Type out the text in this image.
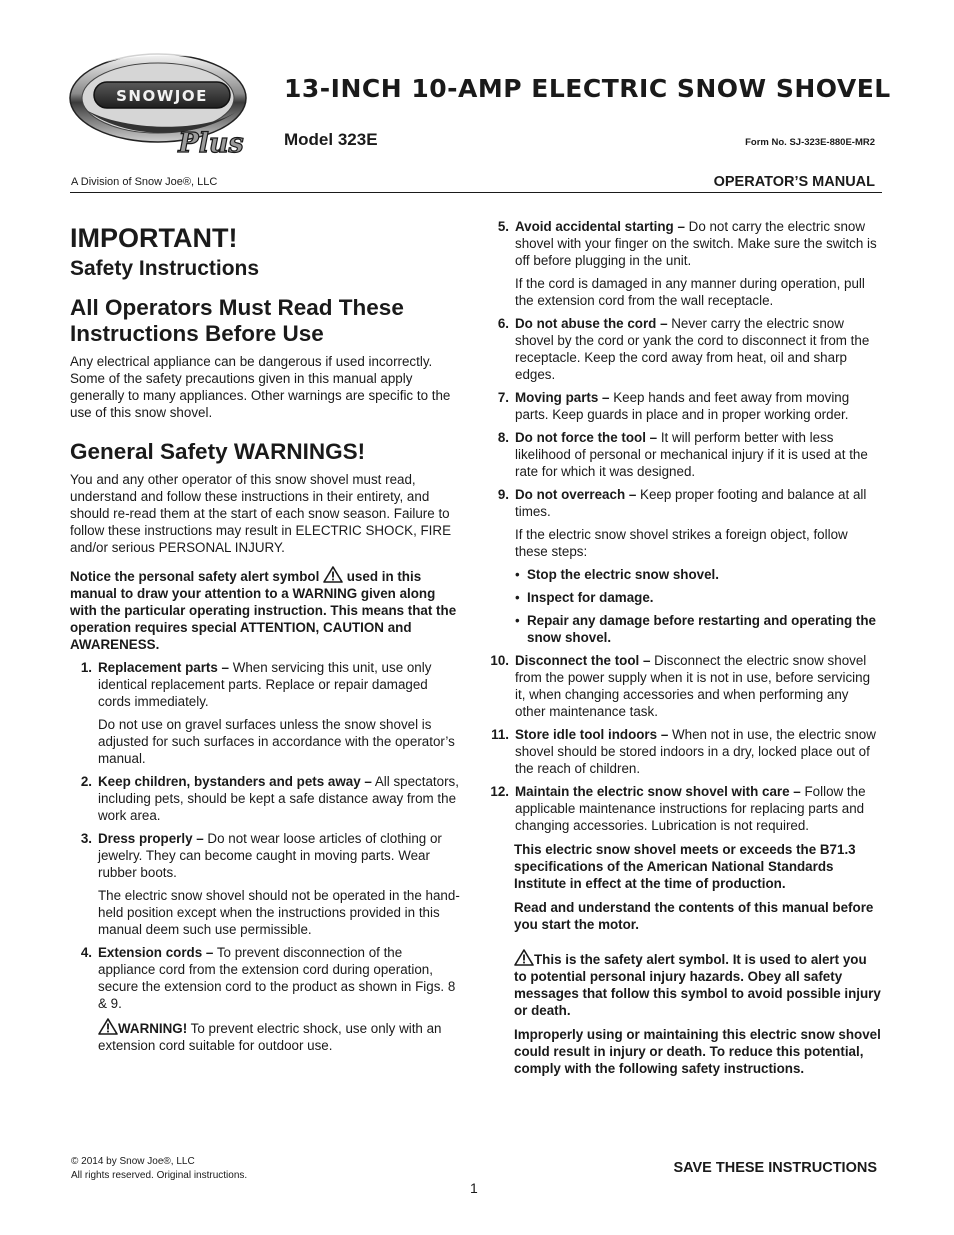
SNOWJOE
Plus
13-INCH 10-AMP ELECTRIC SNOW SHOVEL
Model 323E	Form No. SJ-323E-880E-MR2
A Division of Snow Joe®, LLC	OPERATOR’S MANUAL
IMPORTANT!
Safety Instructions
All Operators Must Read These Instructions Before Use

Any electrical appliance can be dangerous if used incorrectly. Some of the safety precautions given in this manual apply generally to many appliances. Other warnings are specific to the use of this snow shovel.

General Safety WARNINGS!

You and any other operator of this snow shovel must read, understand and follow these instructions in their entirety, and should re-read them at the start of each snow season. Failure to follow these instructions may result in ELECTRIC SHOCK, FIRE and/or serious PERSONAL INJURY.

Notice the personal safety alert symbol
used in this manual to draw your attention to a WARNING given along with the particular operating instruction. This means that the operation requires special ATTENTION, CAUTION and AWARENESS.

1. Replacement parts – When servicing this unit, use only identical replacement parts. Replace or repair damaged cords immediately.

Do not use on gravel surfaces unless the snow shovel is adjusted for such surfaces in accordance with the operator’s manual.

2. Keep children, bystanders and pets away – All spectators, including pets, should be kept a safe distance away from the work area.
3. Dress properly – Do not wear loose articles of clothing or jewelry. They can become caught in moving parts. Wear rubber boots.

The electric snow shovel should not be operated in the hand-held position except when the instructions provided in this manual deem such use permissible.

4. Extension cords – To prevent disconnection of the appliance cord from the extension cord during operation, secure the extension cord to the product as shown in Figs. 8 & 9.

WARNING! To prevent electric shock, use only with an extension cord suitable for outdoor use.

5. Avoid accidental starting – Do not carry the electric snow shovel with your finger on the switch. Make sure the switch is off before plugging in the unit.

If the cord is damaged in any manner during operation, pull the extension cord from the wall receptacle.

6. Do not abuse the cord – Never carry the electric snow shovel by the cord or yank the cord to disconnect it from the receptacle. Keep the cord away from heat, oil and sharp edges.
7. Moving parts – Keep hands and feet away from moving parts. Keep guards in place and in proper working order.
8. Do not force the tool – It will perform better with less likelihood of personal or mechanical injury if it is used at the rate for which it was designed.
9. Do not overreach – Keep proper footing and balance at all times.

If the electric snow shovel strikes a foreign object, follow these steps:

• Stop the electric snow shovel.
• Inspect for damage.
• Repair any damage before restarting and operating the snow shovel.
10. Disconnect the tool – Disconnect the electric snow shovel from the power supply when it is not in use, before servicing it, when changing accessories and when performing any other maintenance task.
11. Store idle tool indoors – When not in use, the electric snow shovel should be stored indoors in a dry, locked place out of the reach of children.
12. Maintain the electric snow shovel with care – Follow the applicable maintenance instructions for replacing parts and changing accessories. Lubrication is not required.

This electric snow shovel meets or exceeds the B71.3 specifications of the American National Standards Institute in effect at the time of production.

Read and understand the contents of this manual before you start the motor.

This is the safety alert symbol. It is used to alert you to potential personal injury hazards. Obey all safety messages that follow this symbol to avoid possible injury or death.

Improperly using or maintaining this electric snow shovel could result in injury or death. To reduce this potential, comply with the following safety instructions.

© 2014 by Snow Joe®, LLC
All rights reserved. Original instructions.	SAVE THESE INSTRUCTIONS
1
